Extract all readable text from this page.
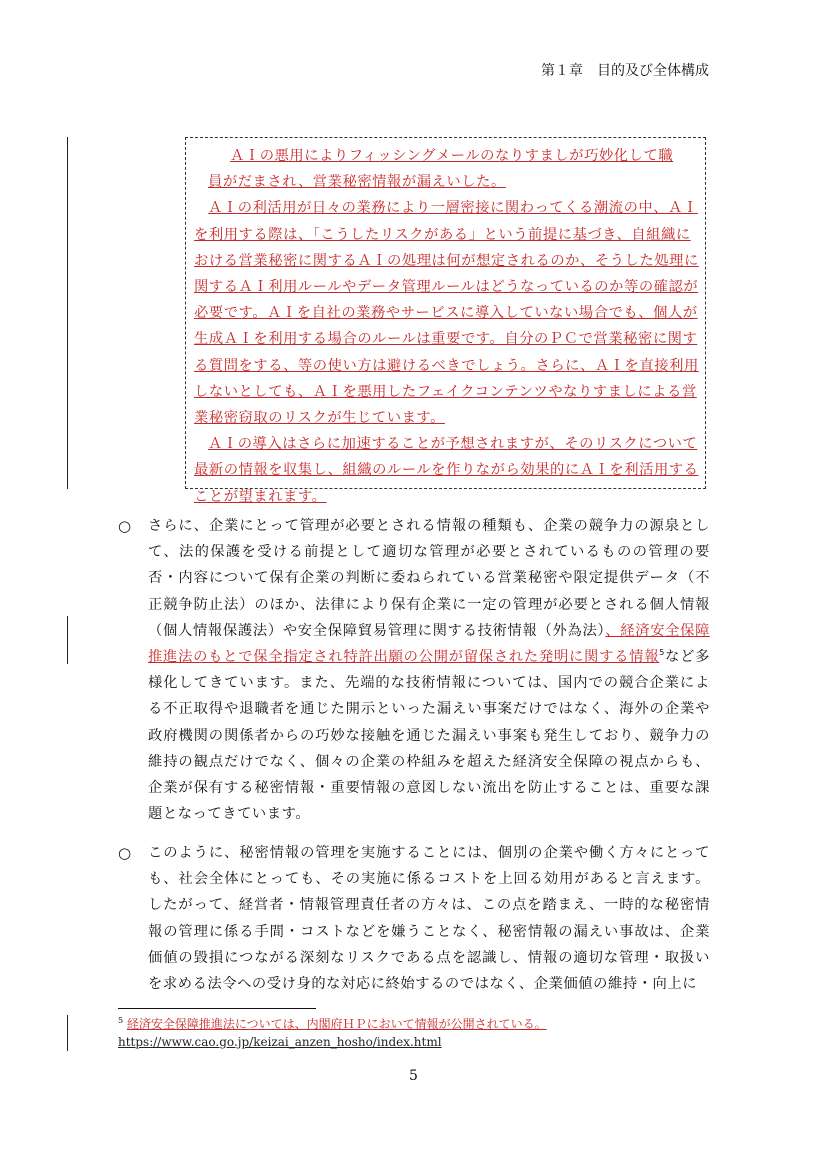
第１章　目的及び全体構成

ＡＩの悪用によりフィッシングメールのなりすましが巧妙化して職

員がだまされ、営業秘密情報が漏えいした。

ＡＩの利活用が日々の業務により一層密接に関わってくる潮流の中、ＡＩを利用する際は、「こうしたリスクがある」という前提に基づき、自組織における営業秘密に関するＡＩの処理は何が想定されるのか、そうした処理に関するＡＩ利用ルールやデータ管理ルールはどうなっているのか等の確認が必要です。ＡＩを自社の業務やサービスに導入していない場合でも、個人が生成ＡＩを利用する場合のルールは重要です。自分のＰＣで営業秘密に関する質問をする、等の使い方は避けるべきでしょう。さらに、ＡＩを直接利用しないとしても、ＡＩを悪用したフェイクコンテンツやなりすましによる営業秘密窃取のリスクが生じています。

ＡＩの導入はさらに加速することが予想されますが、そのリスクについて最新の情報を収集し、組織のルールを作りながら効果的にＡＩを利活用することが望まれます。

○ さらに、企業にとって管理が必要とされる情報の種類も、企業の競争力の源泉として、法的保護を受ける前提として適切な管理が必要とされているものの管理の要否・内容について保有企業の判断に委ねられている営業秘密や限定提供データ（不正競争防止法）のほか、法律により保有企業に一定の管理が必要とされる個人情報（個人情報保護法）や安全保障貿易管理に関する技術情報（外為法）、経済安全保障推進法のもとで保全指定され特許出願の公開が留保された発明に関する情報$^5$など多様化してきています。また、先端的な技術情報については、国内での競合企業による不正取得や退職者を通じた開示といった漏えい事案だけではなく、海外の企業や政府機関の関係者からの巧妙な接触を通じた漏えい事案も発生しており、競争力の維持の観点だけでなく、個々の企業の枠組みを超えた経済安全保障の視点からも、企業が保有する秘密情報・重要情報の意図しない流出を防止することは、重要な課題となってきています。
○ このように、秘密情報の管理を実施することには、個別の企業や働く方々にとっても、社会全体にとっても、その実施に係るコストを上回る効用があると言えます。したがって、経営者・情報管理責任者の方々は、この点を踏まえ、一時的な秘密情報の管理に係る手間・コストなどを嫌うことなく、秘密情報の漏えい事故は、企業価値の毀損につながる深刻なリスクである点を認識し、情報の適切な管理・取扱いを求める法令への受け身的な対応に終始するのではなく、企業価値の維持・向上に
$^5$ 経済安全保障推進法については、内閣府ＨＰにおいて情報が公開されている。
https://www.cao.go.jp/keizai_anzen_hosho/index.html
5
